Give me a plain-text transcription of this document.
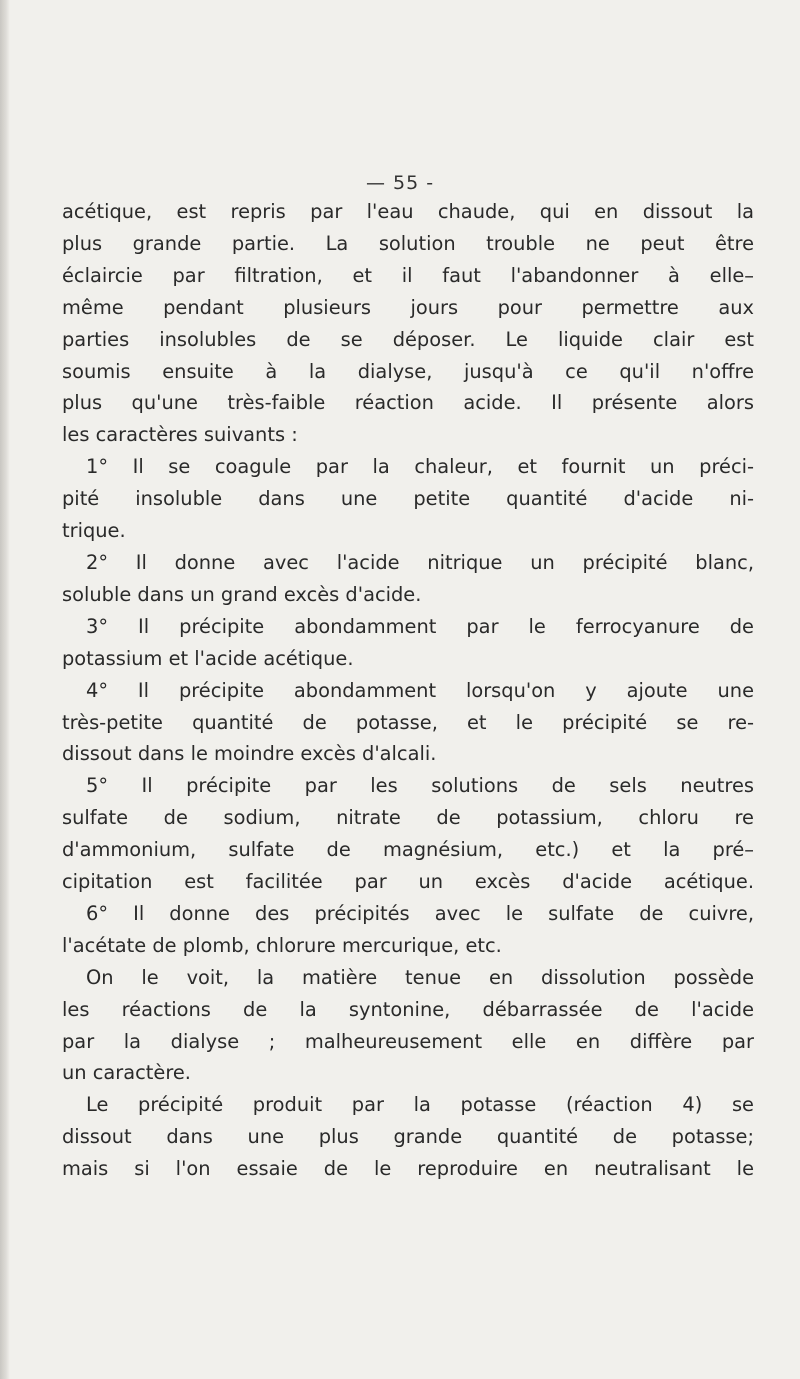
— 55 -
acétique, est repris par l'eau chaude, qui en dissout la
plus grande partie. La solution trouble ne peut être
éclaircie par filtration, et il faut l'abandonner à elle–
même pendant plusieurs jours pour permettre aux
parties insolubles de se déposer. Le liquide clair est
soumis ensuite à la dialyse, jusqu'à ce qu'il n'offre
plus qu'une très-faible réaction acide. Il présente alors
les caractères suivants :
1° Il se coagule par la chaleur, et fournit un préci-
pité insoluble dans une petite quantité d'acide ni-
trique.
2° Il donne avec l'acide nitrique un précipité blanc,
soluble dans un grand excès d'acide.
3° Il précipite abondamment par le ferrocyanure de
potassium et l'acide acétique.
4° Il précipite abondamment lorsqu'on y ajoute une
très-petite quantité de potasse, et le précipité se re-
dissout dans le moindre excès d'alcali.
5° Il précipite par les solutions de sels neutres
sulfate de sodium, nitrate de potassium, chloru re
d'ammonium, sulfate de magnésium, etc.) et la pré–
cipitation est facilitée par un excès d'acide acétique.
6° Il donne des précipités avec le sulfate de cuivre,
l'acétate de plomb, chlorure mercurique, etc.
On le voit, la matière tenue en dissolution possède
les réactions de la syntonine, débarrassée de l'acide
par la dialyse ; malheureusement elle en diffère par
un caractère.
Le précipité produit par la potasse (réaction 4) se
dissout dans une plus grande quantité de potasse;
mais si l'on essaie de le reproduire en neutralisant le
